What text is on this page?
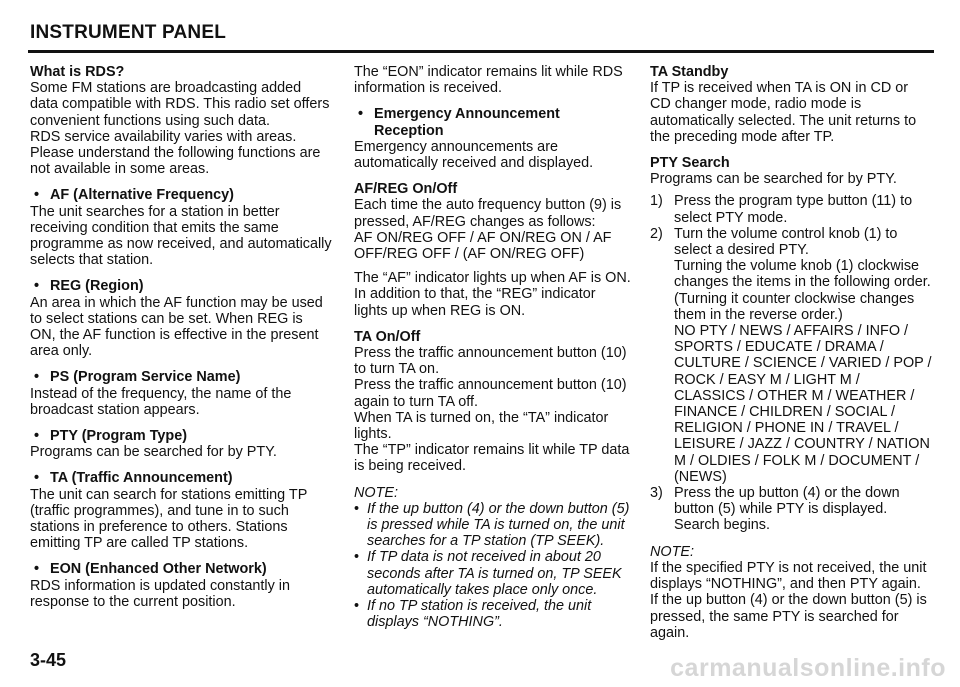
INSTRUMENT PANEL
What is RDS?

Some FM stations are broadcasting added data compatible with RDS. This radio set offers convenient functions using such data.

RDS service availability varies with areas. Please understand the following functions are not available in some areas.

• AF (Alternative Frequency)

The unit searches for a station in better receiving condition that emits the same programme as now received, and automatically selects that station.

• REG (Region)

An area in which the AF function may be used to select stations can be set. When REG is ON, the AF function is effective in the present area only.

• PS (Program Service Name)

Instead of the frequency, the name of the broadcast station appears.

• PTY (Program Type)

Programs can be searched for by PTY.

• TA (Traffic Announcement)

The unit can search for stations emitting TP (traffic programmes), and tune in to such stations in preference to others. Stations emitting TP are called TP stations.

• EON (Enhanced Other Network)

RDS information is updated constantly in response to the current position.

The “EON” indicator remains lit while RDS information is received.

• Emergency Announcement Reception

Emergency announcements are automatically received and displayed.

AF/REG On/Off

Each time the auto frequency button (9) is pressed, AF/REG changes as follows:

AF ON/REG OFF / AF ON/REG ON / AF OFF/REG OFF / (AF ON/REG OFF)

The “AF” indicator lights up when AF is ON. In addition to that, the “REG” indicator lights up when REG is ON.

TA On/Off

Press the traffic announcement button (10) to turn TA on.

Press the traffic announcement button (10) again to turn TA off.

When TA is turned on, the “TA” indicator lights.

The “TP” indicator remains lit while TP data is being received.

NOTE:
• If the up button (4) or the down button (5) is pressed while TA is turned on, the unit searches for a TP station (TP SEEK).
• If TP data is not received in about 20 seconds after TA is turned on, TP SEEK automatically takes place only once.
• If no TP station is received, the unit displays “NOTHING”.
TA Standby

If TP is received when TA is ON in CD or CD changer mode, radio mode is automatically selected. The unit returns to the preceding mode after TP.

PTY Search

Programs can be searched for by PTY.

1) Press the program type button (11) to select PTY mode.

2) Turn the volume control knob (1) to select a desired PTY.

Turning the volume knob (1) clockwise changes the items in the following order. (Turning it counter clockwise changes them in the reverse order.)

NO PTY / NEWS / AFFAIRS / INFO / SPORTS / EDUCATE / DRAMA / CULTURE / SCIENCE / VARIED / POP / ROCK / EASY M / LIGHT M / CLASSICS / OTHER M / WEATHER / FINANCE / CHILDREN / SOCIAL / RELIGION / PHONE IN / TRAVEL / LEISURE / JAZZ / COUNTRY / NATION M / OLDIES / FOLK M / DOCUMENT / (NEWS)

3) Press the up button (4) or the down button (5) while PTY is displayed.

Search begins.

NOTE:

If the specified PTY is not received, the unit displays “NOTHING”, and then PTY again. If the up button (4) or the down button (5) is pressed, the same PTY is searched for again.

3-45	carmanualsonline.info
